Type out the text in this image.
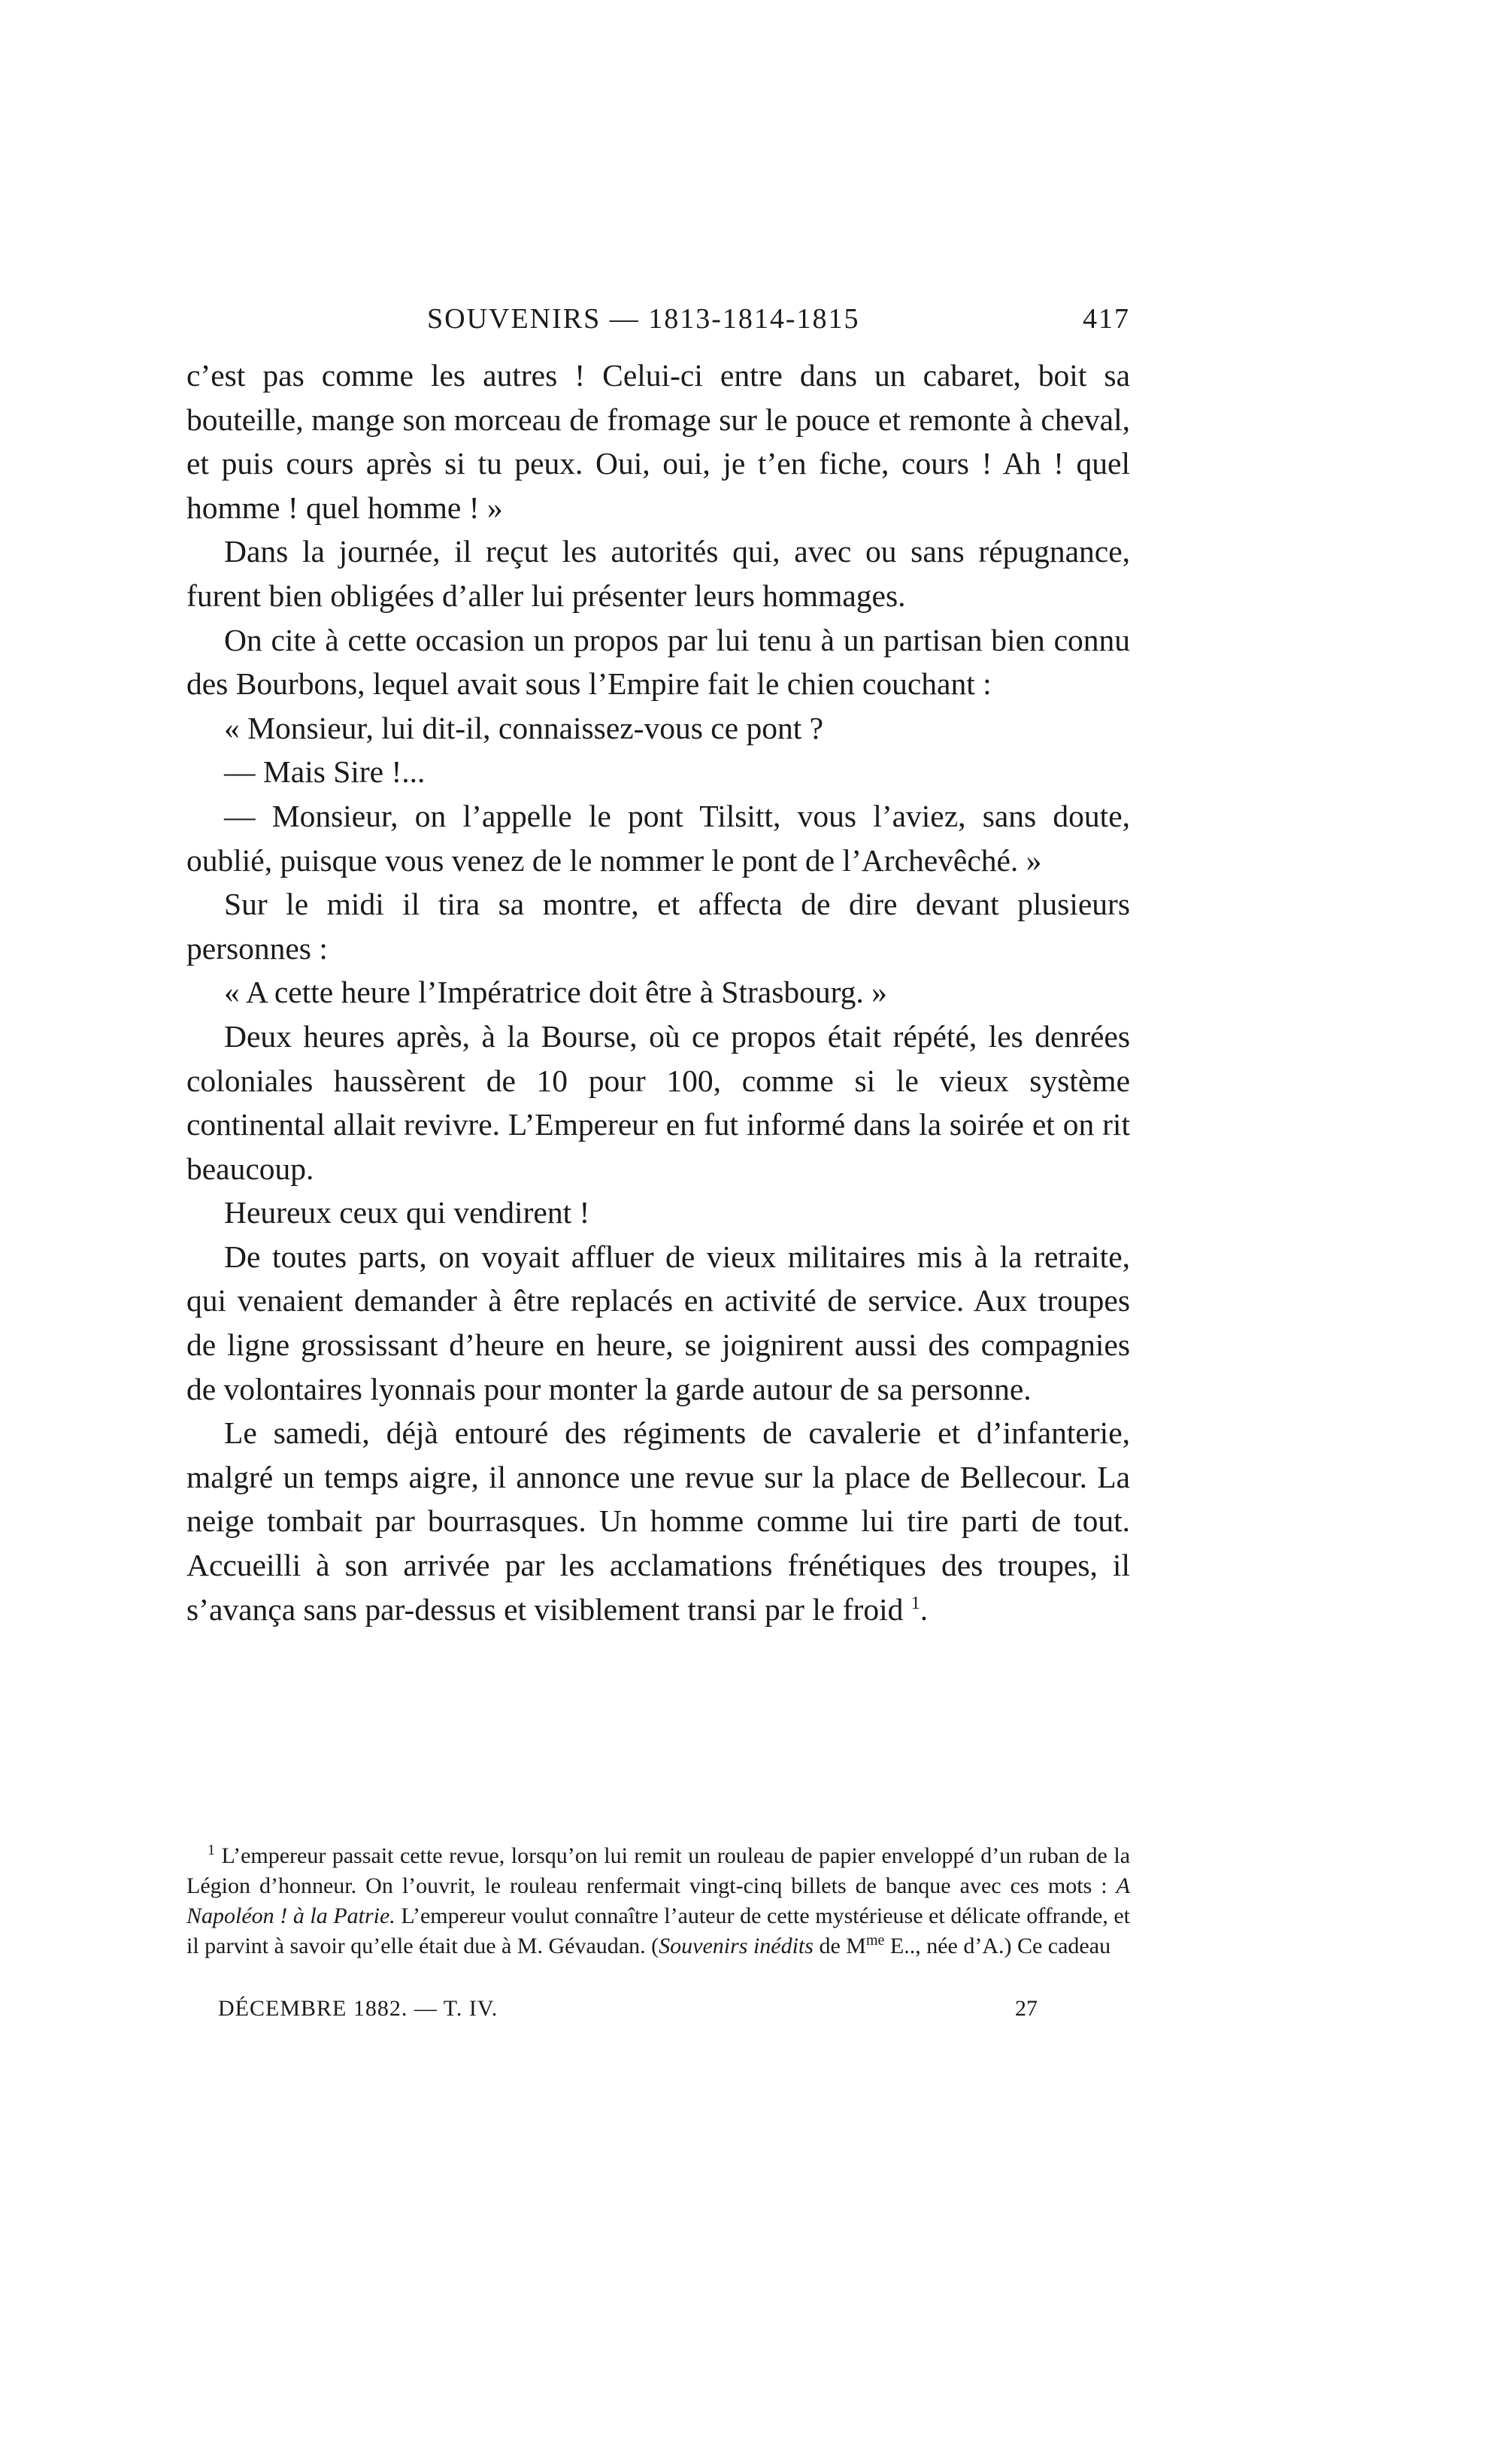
SOUVENIRS — 1813-1814-1815	417

c’est pas comme les autres ! Celui-ci entre dans un cabaret, boit sa bouteille, mange son morceau de fromage sur le pouce et remonte à cheval, et puis cours après si tu peux. Oui, oui, je t’en fiche, cours ! Ah ! quel homme ! quel homme ! »

Dans la journée, il reçut les autorités qui, avec ou sans répugnance, furent bien obligées d’aller lui présenter leurs hommages.

On cite à cette occasion un propos par lui tenu à un partisan bien connu des Bourbons, lequel avait sous l’Empire fait le chien couchant :

« Monsieur, lui dit-il, connaissez-vous ce pont ?

— Mais Sire !...

— Monsieur, on l’appelle le pont Tilsitt, vous l’aviez, sans doute, oublié, puisque vous venez de le nommer le pont de l’Archevêché. »

Sur le midi il tira sa montre, et affecta de dire devant plusieurs personnes :

« A cette heure l’Impératrice doit être à Strasbourg. »

Deux heures après, à la Bourse, où ce propos était répété, les denrées coloniales haussèrent de 10 pour 100, comme si le vieux système continental allait revivre. L’Empereur en fut informé dans la soirée et on rit beaucoup.

Heureux ceux qui vendirent !

De toutes parts, on voyait affluer de vieux militaires mis à la retraite, qui venaient demander à être replacés en activité de service. Aux troupes de ligne grossissant d’heure en heure, se joignirent aussi des compagnies de volontaires lyonnais pour monter la garde autour de sa personne.

Le samedi, déjà entouré des régiments de cavalerie et d’infanterie, malgré un temps aigre, il annonce une revue sur la place de Bellecour. La neige tombait par bourrasques. Un homme comme lui tire parti de tout. Accueilli à son arrivée par les acclamations frénétiques des troupes, il s’avança sans par-dessus et visiblement transi par le froid $^1$.

$^1$ L’empereur passait cette revue, lorsqu’on lui remit un rouleau de papier enveloppé d’un ruban de la Légion d’honneur. On l’ouvrit, le rouleau renfermait vingt-cinq billets de banque avec ces mots : A Napoléon ! à la Patrie. L’empereur voulut connaître l’auteur de cette mystérieuse et délicate offrande, et il parvint à savoir qu’elle était due à M. Gévaudan. (Souvenirs inédits de $M^{me}$ E.., née d’A.) Ce cadeau

DÉCEMBRE 1882. — T. IV.	27
